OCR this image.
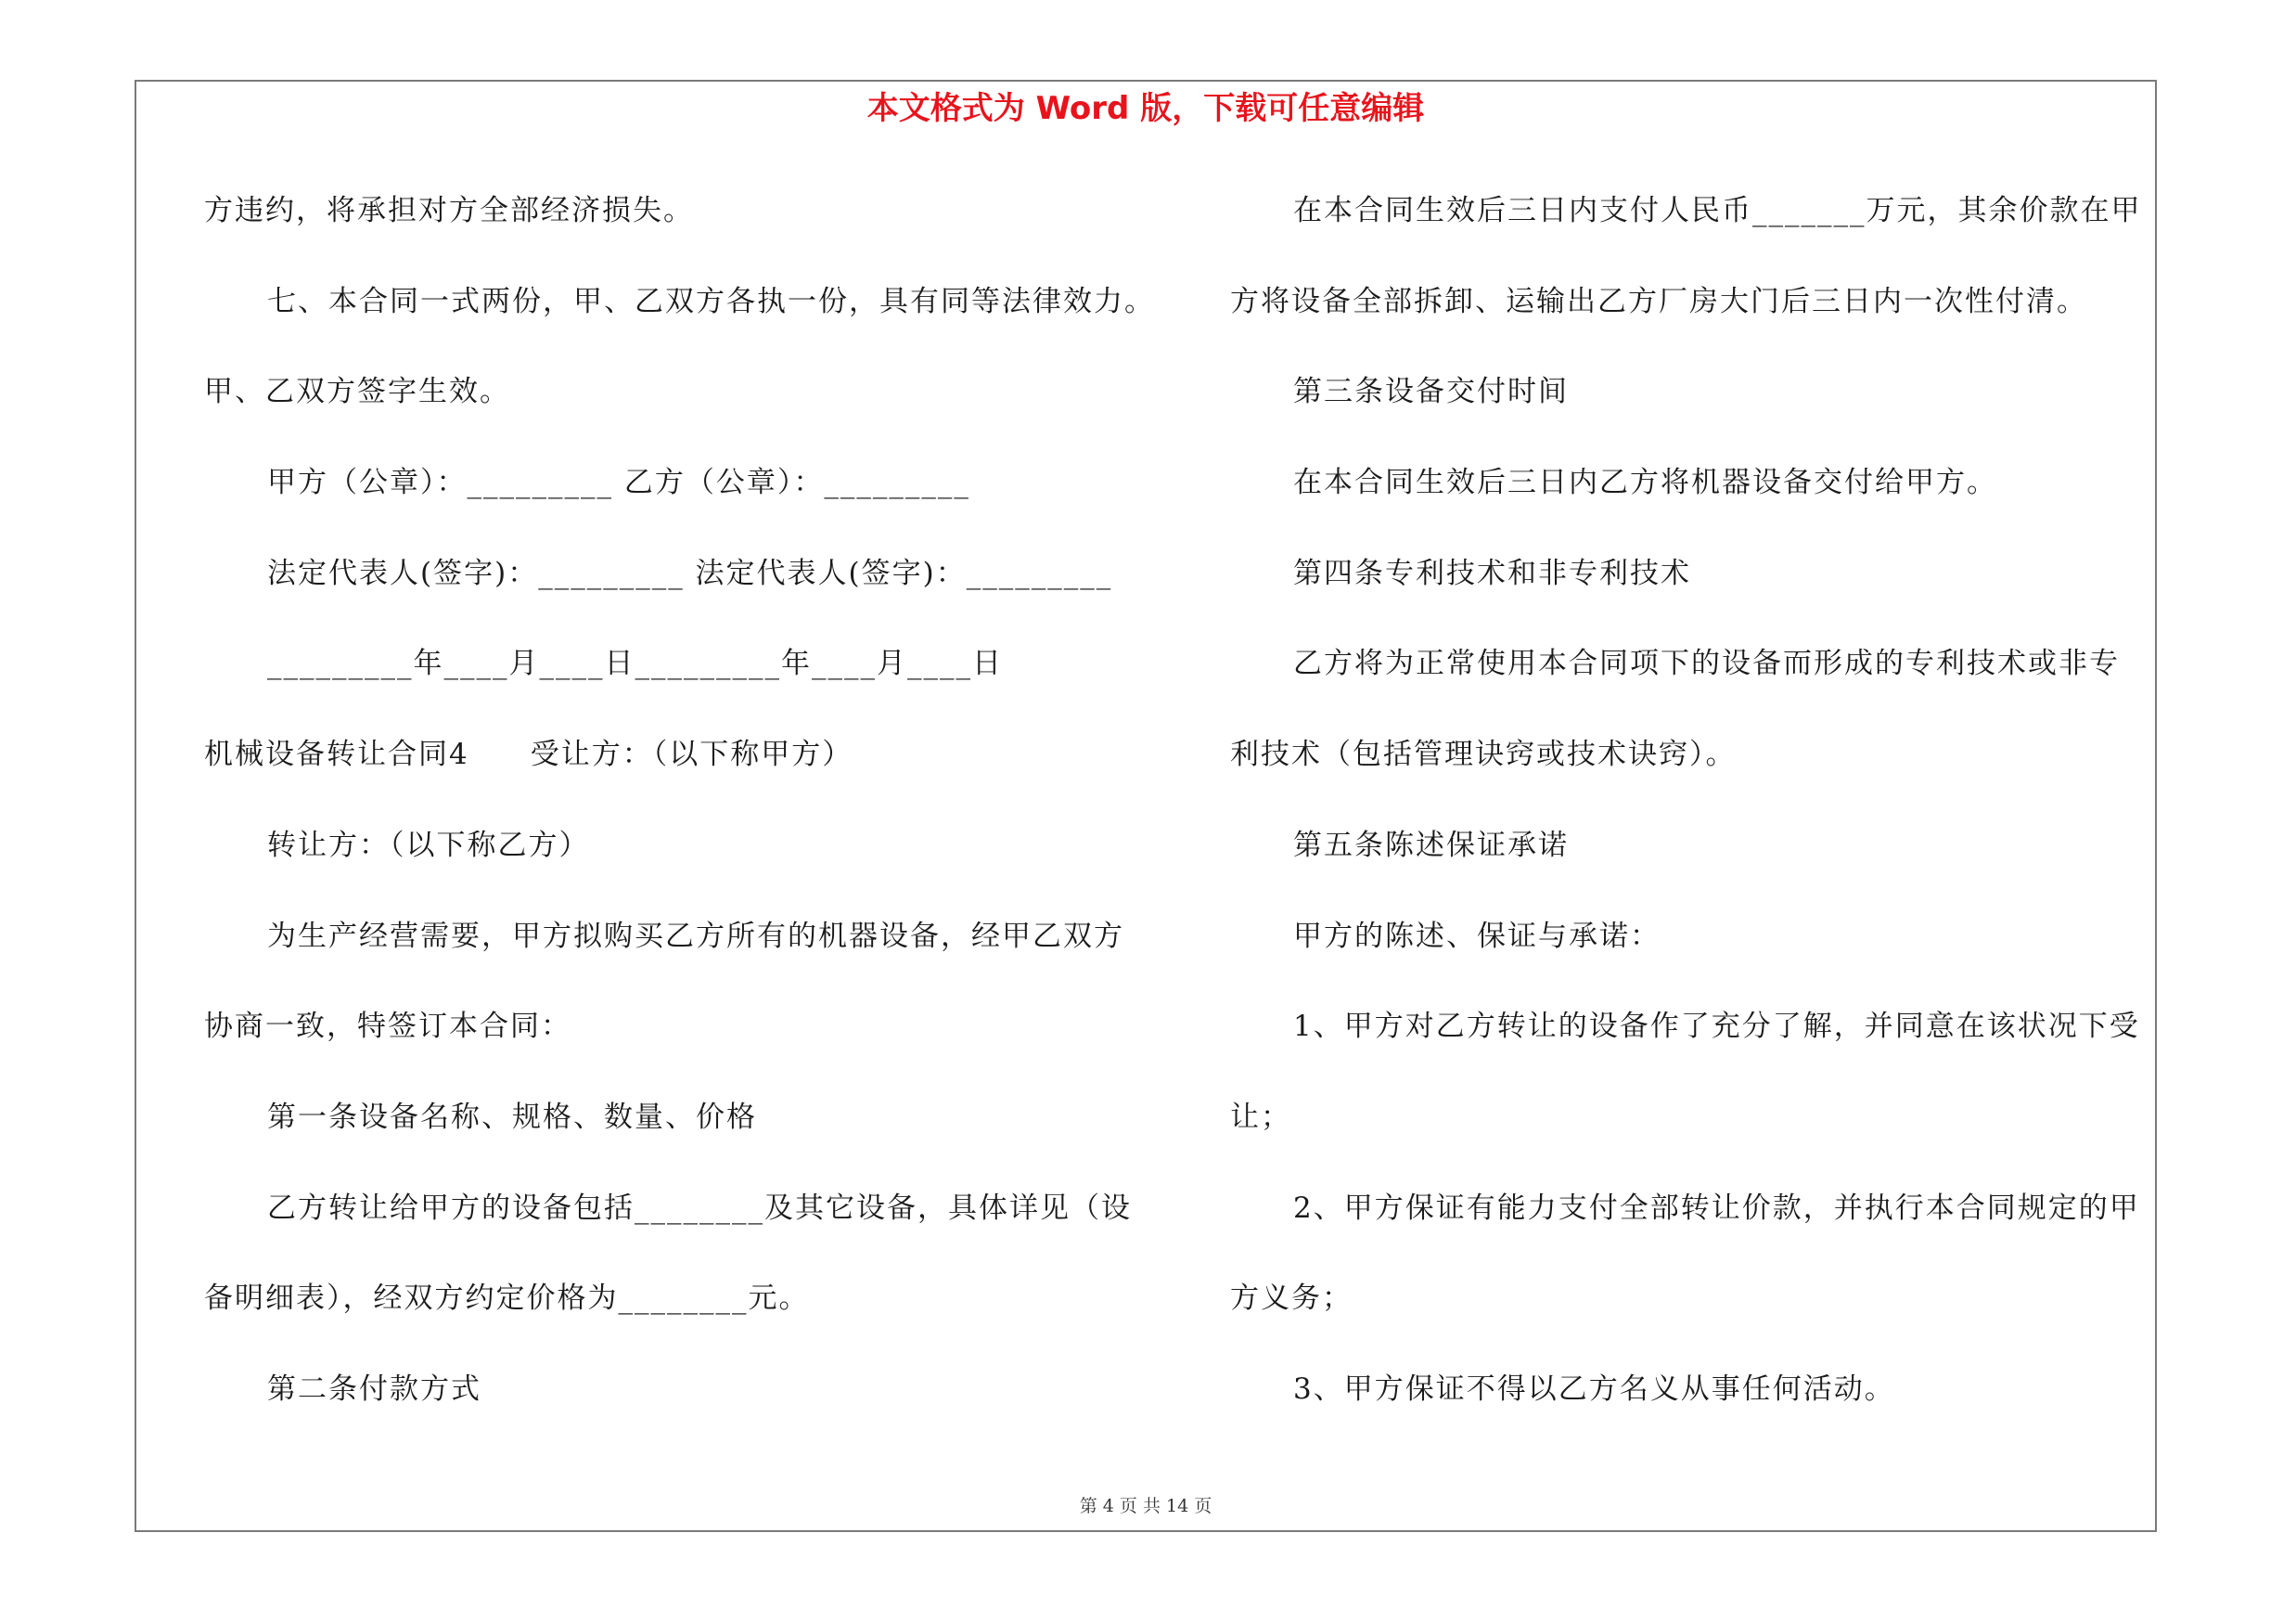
本文格式为 Word 版，下载可任意编辑
方违约，将承担对方全部经济损失。
七、本合同一式两份，甲、乙双方各执一份，具有同等法律效力。
甲、乙双方签字生效。
甲方（公章）：_________ 乙方（公章）：_________
法定代表人(签字)：_________ 法定代表人(签字)：_________
_________年____月____日_________年____月____日
机械设备转让合同4　　受让方：（以下称甲方）
转让方：（以下称乙方）
为生产经营需要，甲方拟购买乙方所有的机器设备，经甲乙双方
协商一致，特签订本合同：
第一条设备名称、规格、数量、价格
乙方转让给甲方的设备包括________及其它设备，具体详见（设
备明细表），经双方约定价格为________元。
第二条付款方式
在本合同生效后三日内支付人民币_______万元，其余价款在甲
方将设备全部拆卸、运输出乙方厂房大门后三日内一次性付清。
第三条设备交付时间
在本合同生效后三日内乙方将机器设备交付给甲方。
第四条专利技术和非专利技术
乙方将为正常使用本合同项下的设备而形成的专利技术或非专
利技术（包括管理诀窍或技术诀窍）。
第五条陈述保证承诺
甲方的陈述、保证与承诺：
1、甲方对乙方转让的设备作了充分了解，并同意在该状况下受
让；
2、甲方保证有能力支付全部转让价款，并执行本合同规定的甲
方义务；
3、甲方保证不得以乙方名义从事任何活动。
第 4 页 共 14 页
